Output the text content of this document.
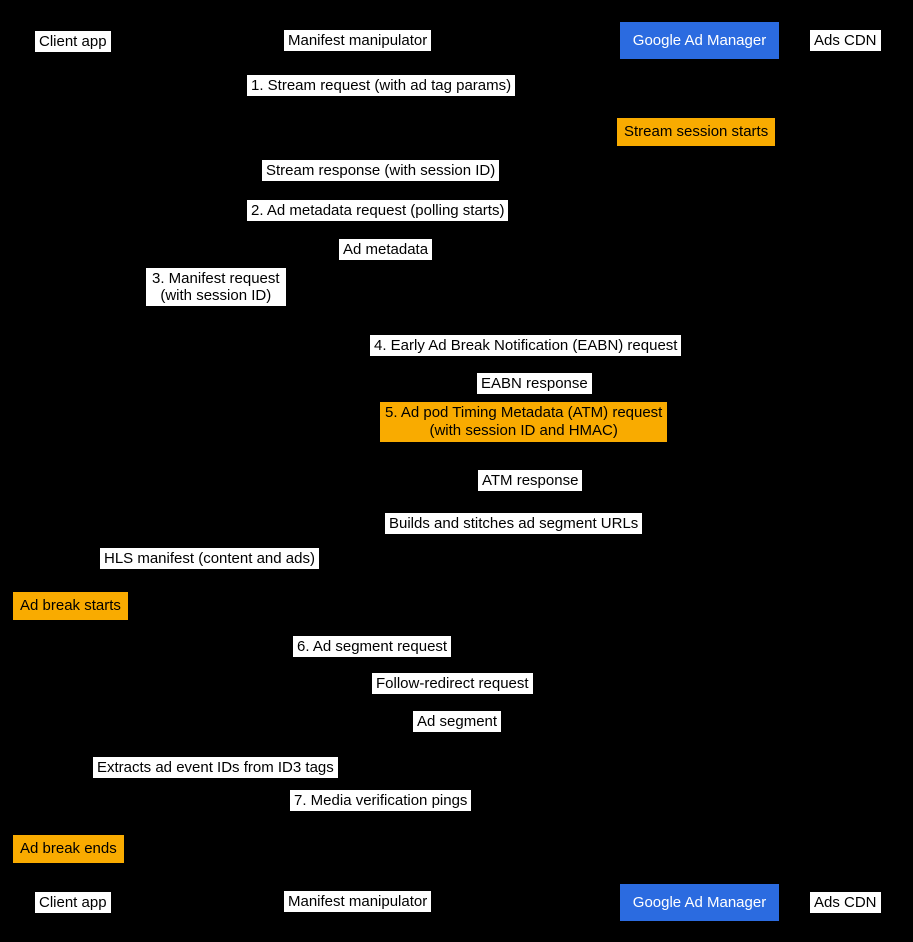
Client app	Manifest manipulator	Google Ad Manager	Ads CDN
1. Stream request (with ad tag params)
Stream session starts
Stream response (with session ID)
2. Ad metadata request (polling starts)
Ad metadata
3. Manifest request
(with session ID)
4. Early Ad Break Notification (EABN) request
EABN response
5. Ad pod Timing Metadata (ATM) request
(with session ID and HMAC)
ATM response
Builds and stitches ad segment URLs
HLS manifest (content and ads)
Ad break starts
6. Ad segment request
Follow-redirect request
Ad segment
Extracts ad event IDs from ID3 tags
7. Media verification pings
Ad break ends
Client app	Manifest manipulator	Google Ad Manager	Ads CDN
